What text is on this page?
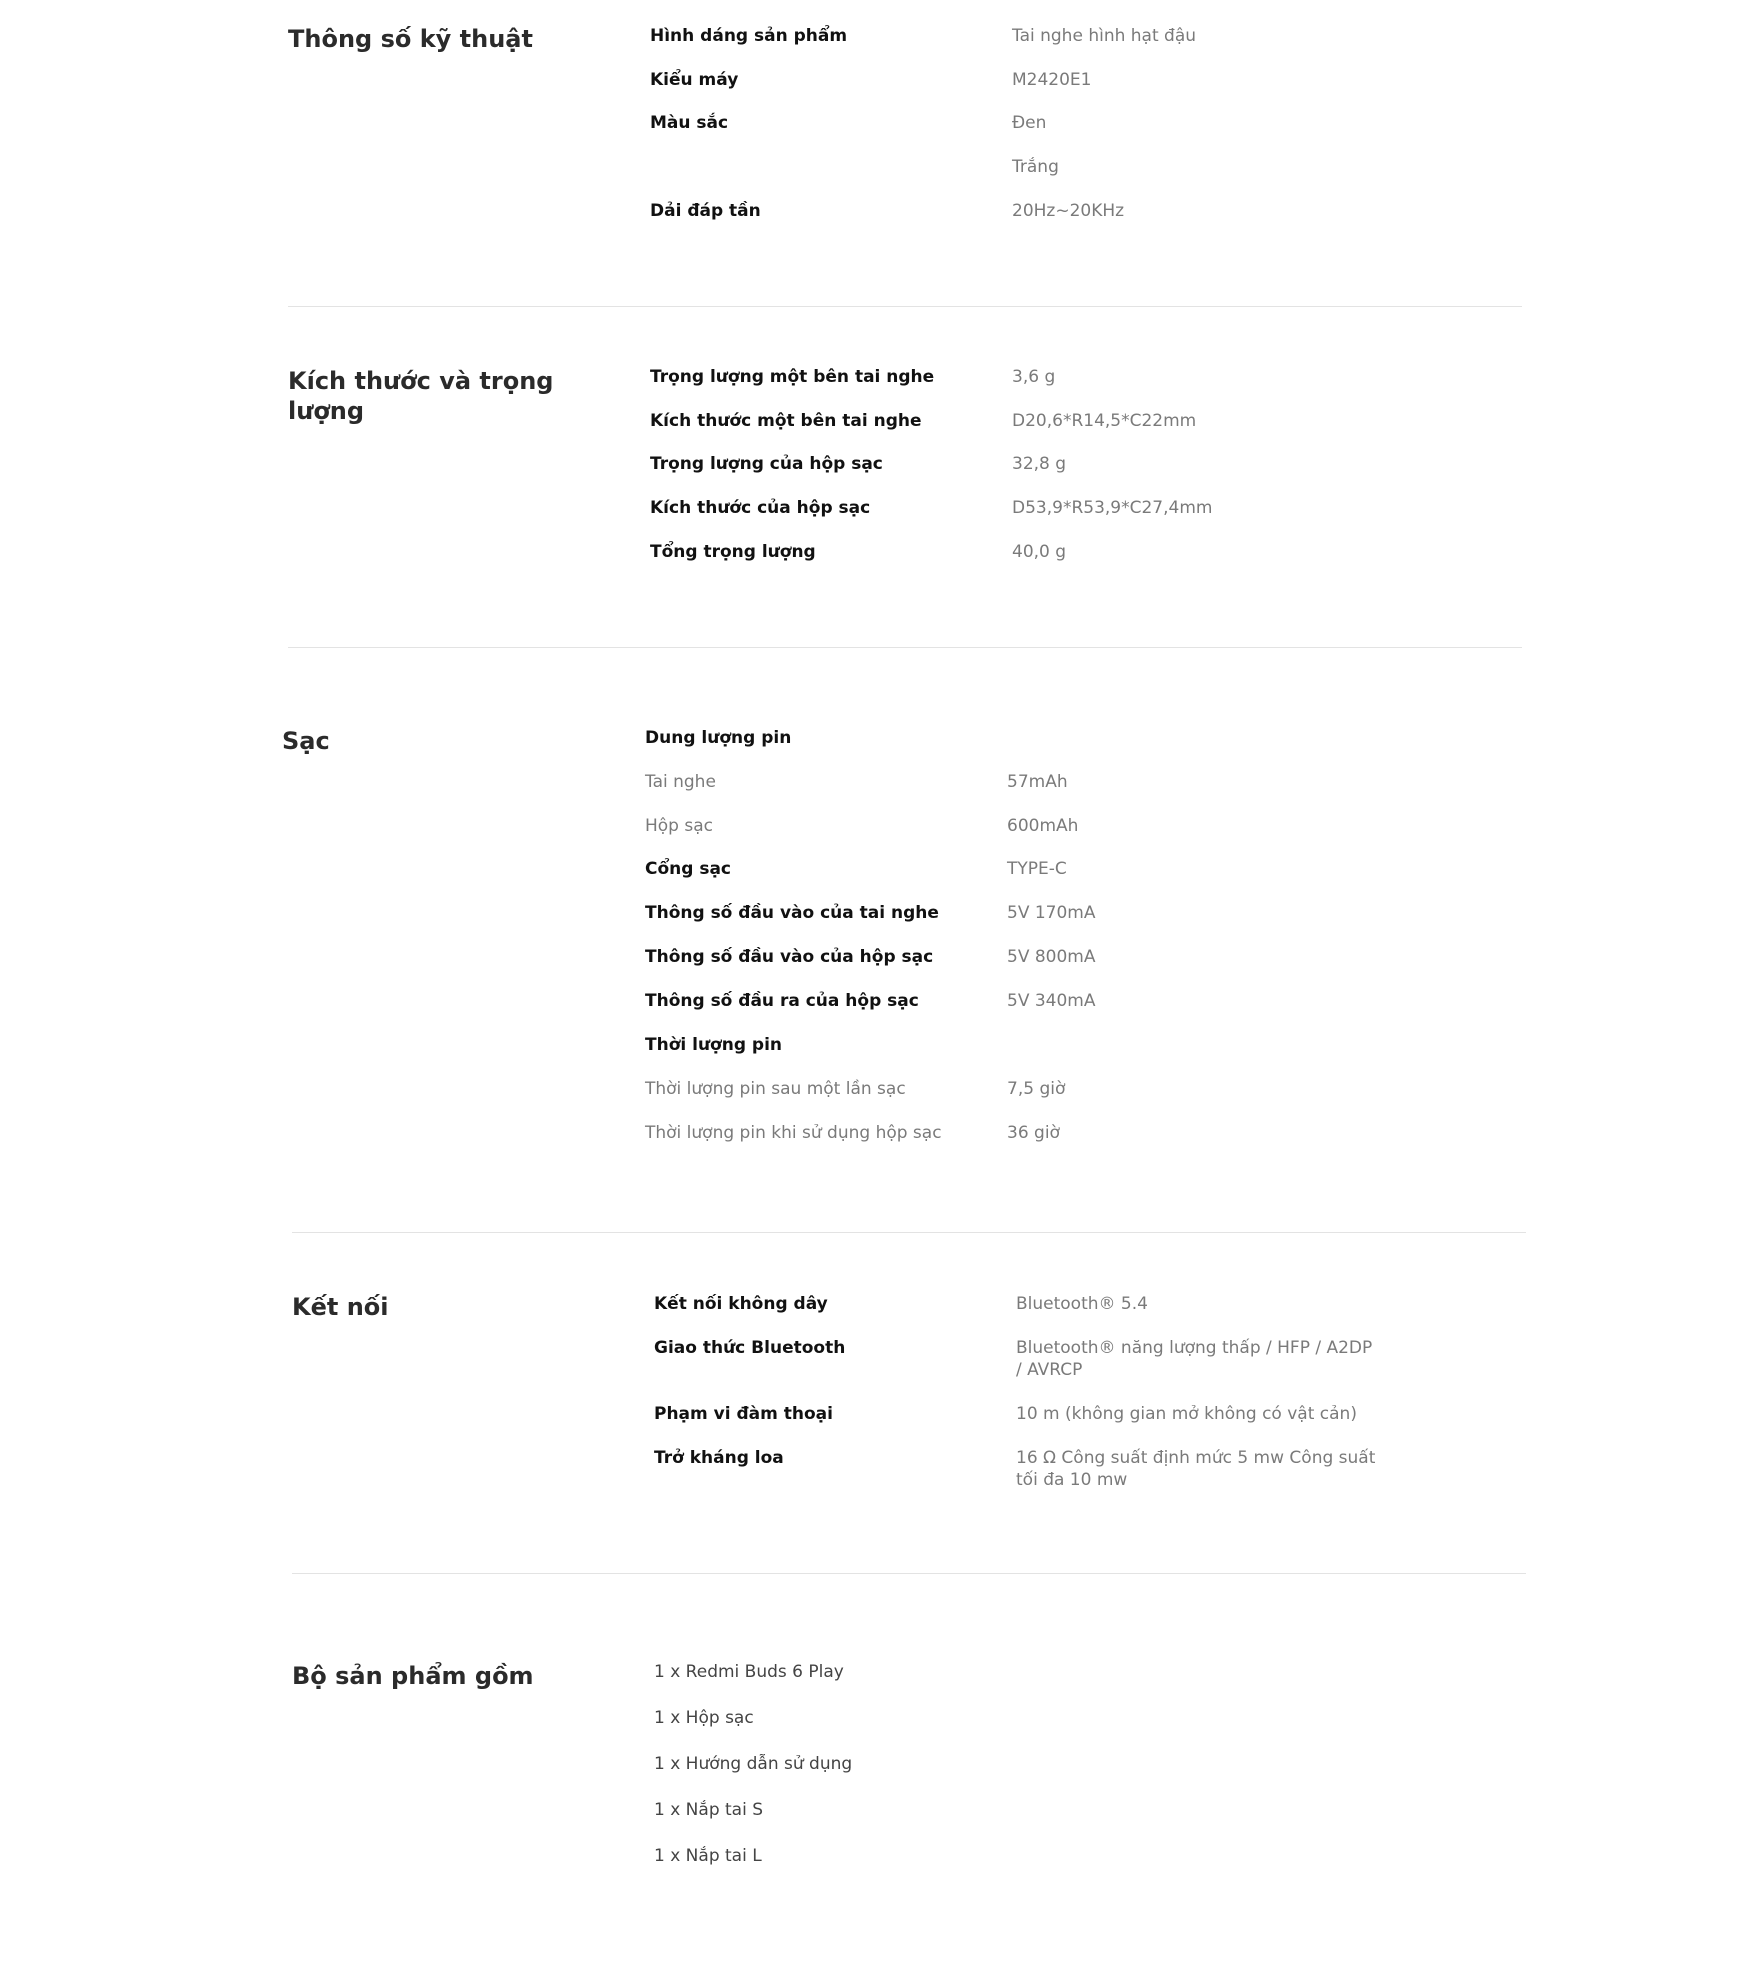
Thông số kỹ thuật	Hình dáng sản phẩm	Tai nghe hình hạt đậu
Kiểu máy	M2420E1
Màu sắc	Đen
Trắng
Dải đáp tần	20Hz~20KHz
Kích thước và trọng lượng
Trọng lượng một bên tai nghe	3,6 g
Kích thước một bên tai nghe	D20,6*R14,5*C22mm
Trọng lượng của hộp sạc	32,8 g
Kích thước của hộp sạc	D53,9*R53,9*C27,4mm
Tổng trọng lượng	40,0 g
Sạc	Dung lượng pin
Tai nghe	57mAh
Hộp sạc	600mAh
Cổng sạc	TYPE-C
Thông số đầu vào của tai nghe	5V 170mA
Thông số đầu vào của hộp sạc	5V 800mA
Thông số đầu ra của hộp sạc	5V 340mA
Thời lượng pin
Thời lượng pin sau một lần sạc	7,5 giờ
Thời lượng pin khi sử dụng hộp sạc	36 giờ
Kết nối	Kết nối không dây	Bluetooth® 5.4
Giao thức Bluetooth	Bluetooth® năng lượng thấp / HFP / A2DP / AVRCP
Phạm vi đàm thoại	10 m (không gian mở không có vật cản)
Trở kháng loa	16 Ω Công suất định mức 5 mw Công suất tối đa 10 mw
Bộ sản phẩm gồm	1 x Redmi Buds 6 Play
1 x Hộp sạc
1 x Hướng dẫn sử dụng
1 x Nắp tai S
1 x Nắp tai L
